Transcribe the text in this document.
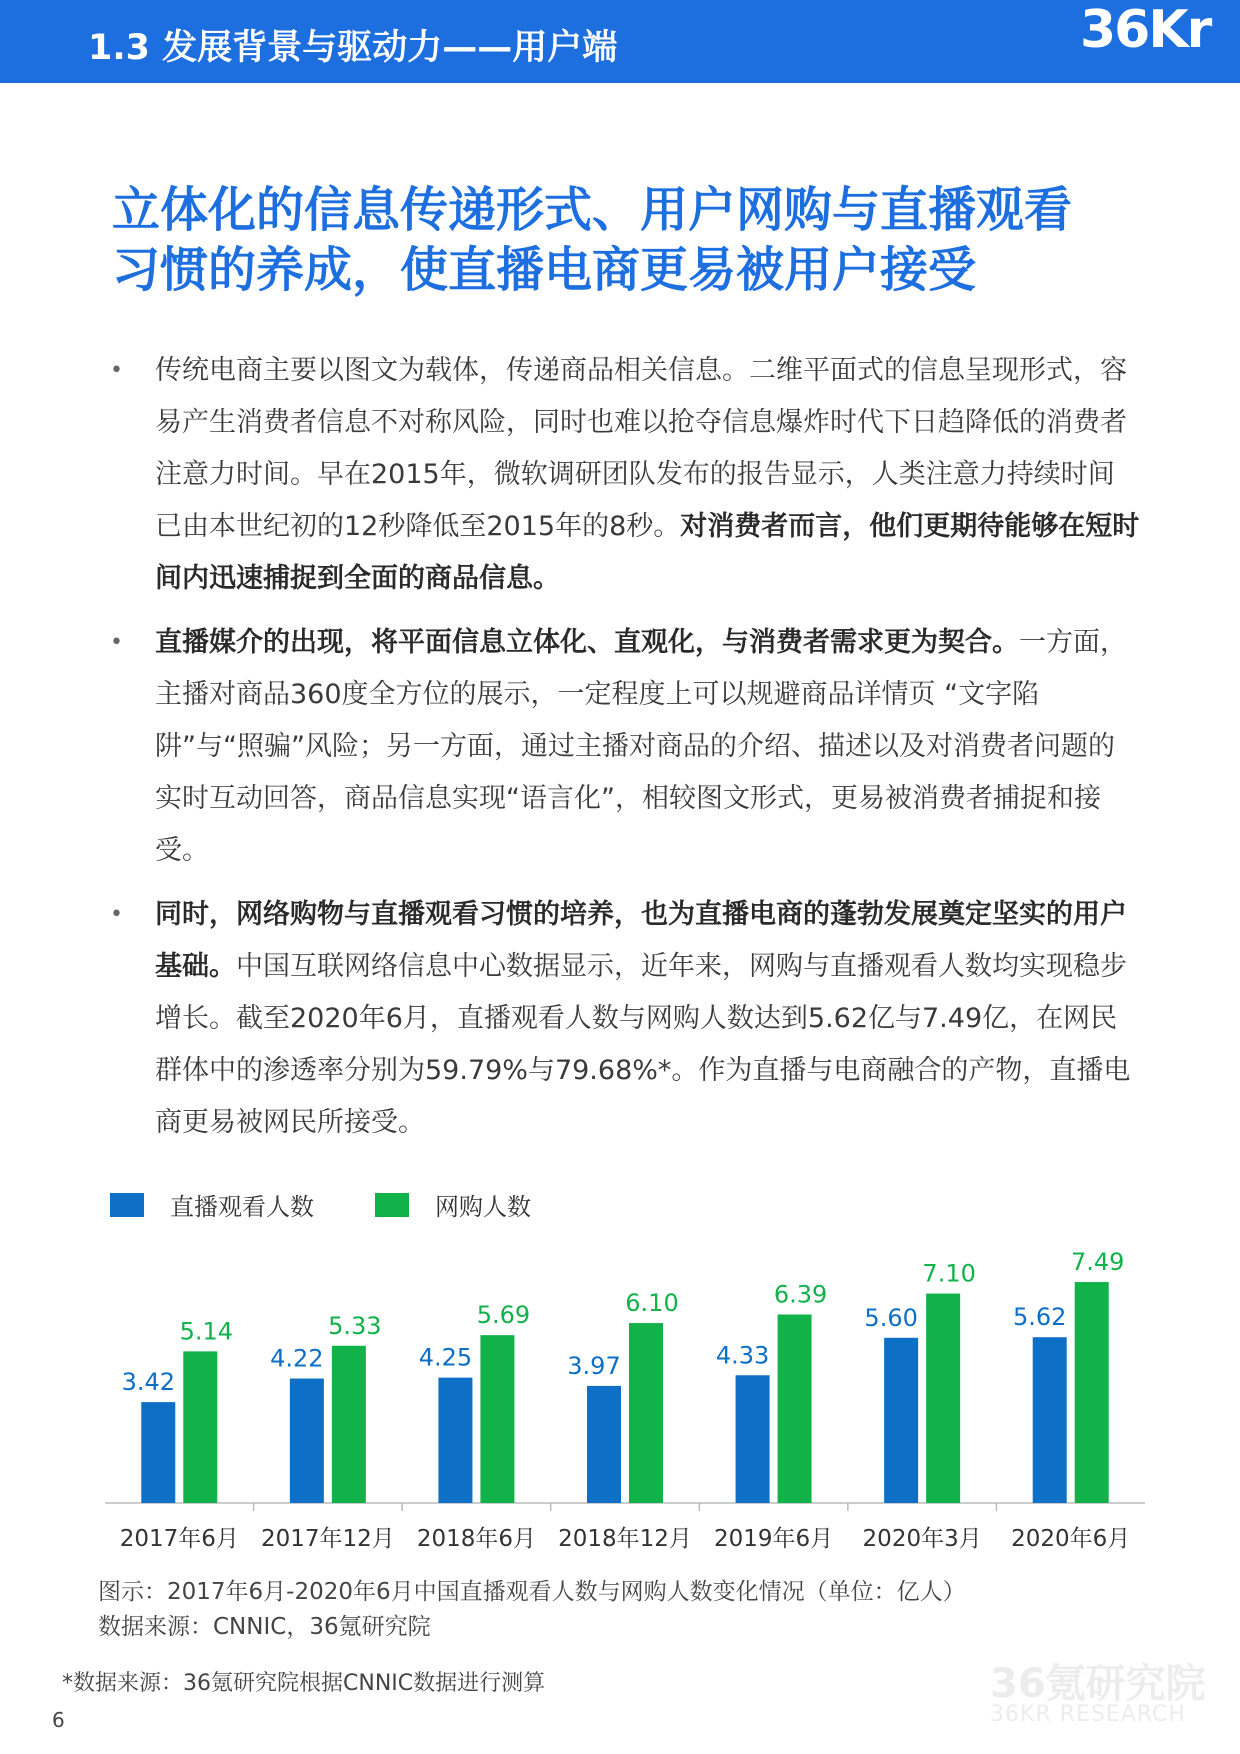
1.3 发展背景与驱动力——用户端	36Kr
立体化的信息传递形式、用户网购与直播观看
习惯的养成，使直播电商更易被用户接受
• 传统电商主要以图文为载体，传递商品相关信息。二维平面式的信息呈现形式，容易产生消费者信息不对称风险，同时也难以抢夺信息爆炸时代下日趋降低的消费者注意力时间。早在2015年，微软调研团队发布的报告显示，人类注意力持续时间已由本世纪初的12秒降低至2015年的8秒。对消费者而言，他们更期待能够在短时间内迅速捕捉到全面的商品信息。
• 直播媒介的出现，将平面信息立体化、直观化，与消费者需求更为契合。一方面，主播对商品360度全方位的展示，一定程度上可以规避商品详情页 “文字陷阱”与“照骗”风险；另一方面，通过主播对商品的介绍、描述以及对消费者问题的实时互动回答，商品信息实现“语言化”，相较图文形式，更易被消费者捕捉和接受。
• 同时，网络购物与直播观看习惯的培养，也为直播电商的蓬勃发展奠定坚实的用户基础。中国互联网络信息中心数据显示，近年来，网购与直播观看人数均实现稳步增长。截至2020年6月，直播观看人数与网购人数达到5.62亿与7.49亿，在网民群体中的渗透率分别为59.79%与79.68%*。作为直播与电商融合的产物，直播电商更易被网民所接受。
直播观看人数	网购人数
3.42
5.14
2017年6月
4.22
5.33
2017年12月
4.25
5.69
2018年6月
3.97
6.10
2018年12月
4.33
6.39
2019年6月
5.60
7.10
2020年3月
5.62
7.49
2020年6月
图示：2017年6月-2020年6月中国直播观看人数与网购人数变化情况（单位：亿人）
数据来源：CNNIC，36氪研究院
*数据来源：36氪研究院根据CNNIC数据进行测算
6
36氪研究院
36KR RESEARCH
